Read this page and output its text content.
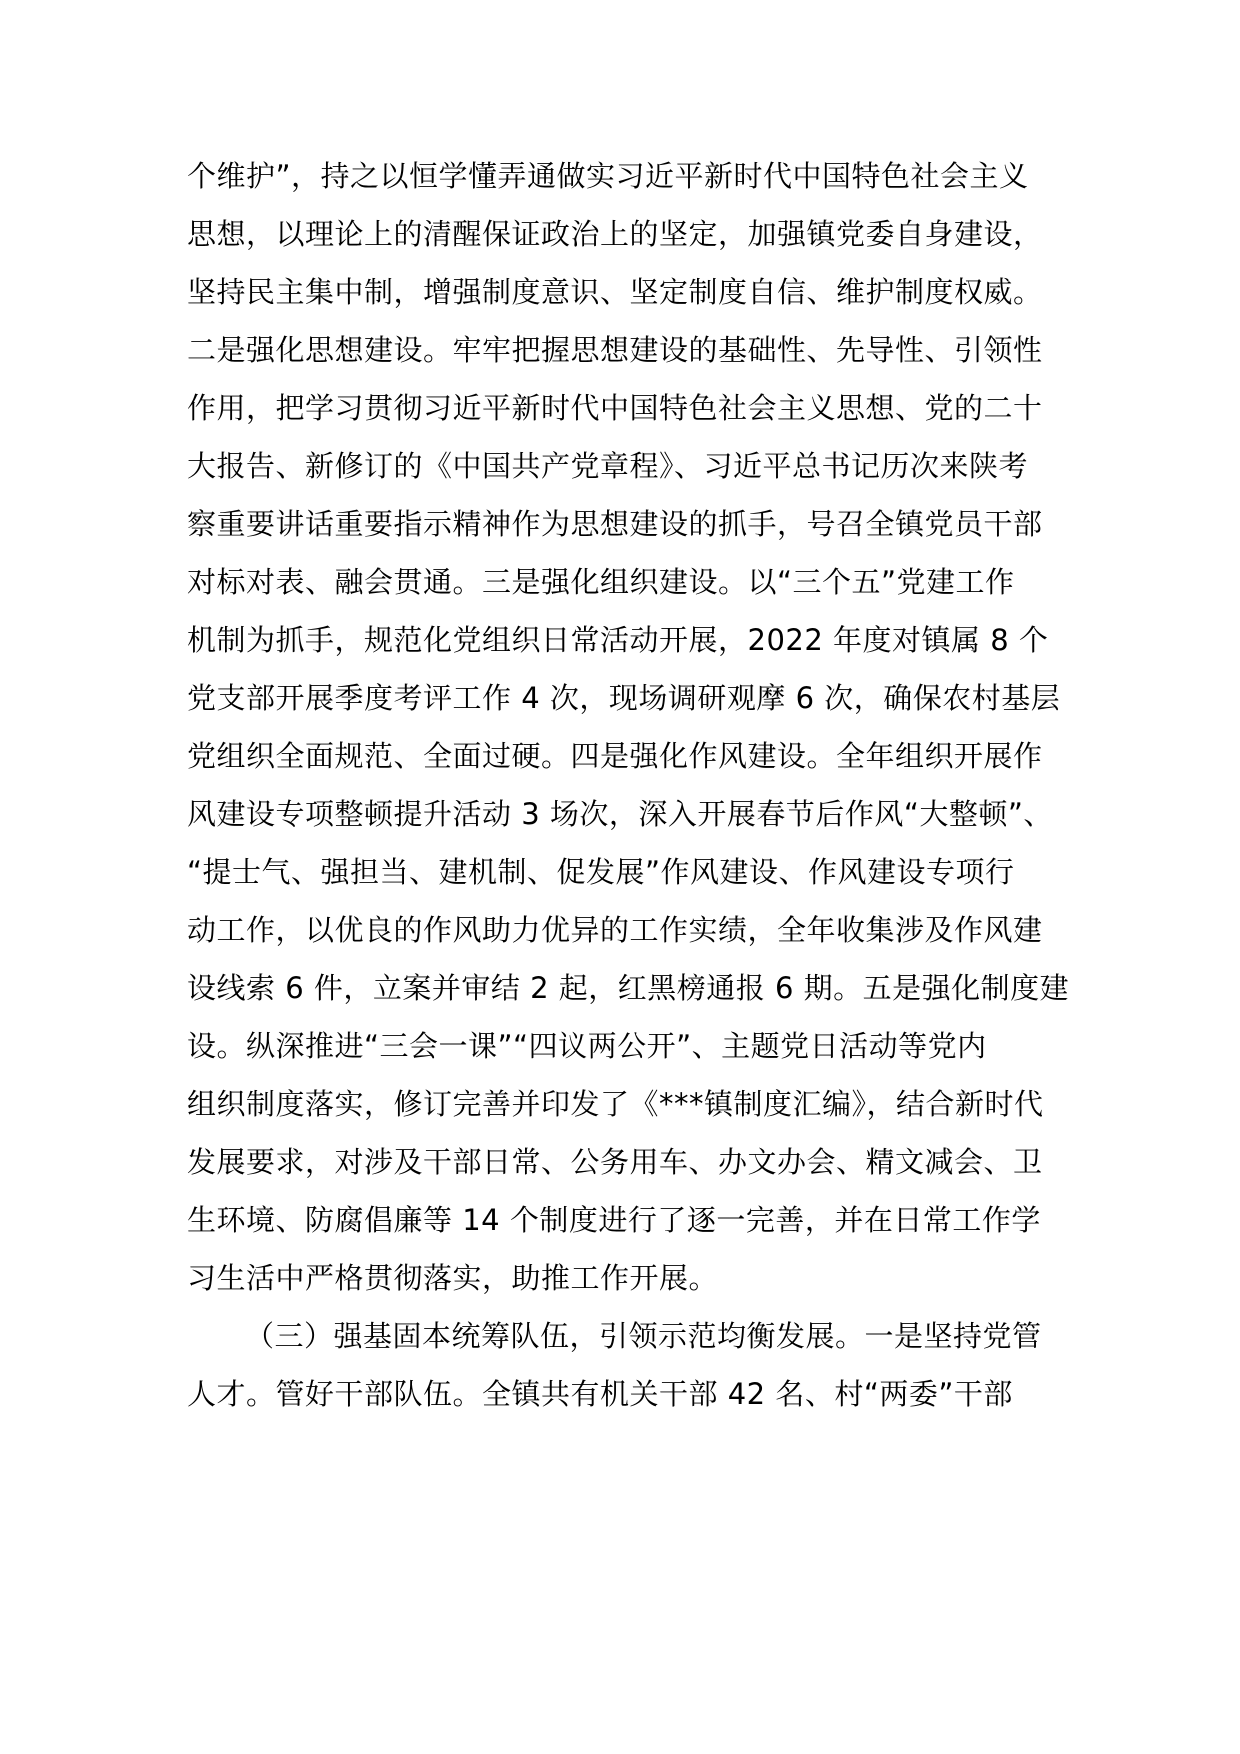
个维护”，持之以恒学懂弄通做实习近平新时代中国特色社会主义
思想，以理论上的清醒保证政治上的坚定，加强镇党委自身建设，
坚持民主集中制，增强制度意识、坚定制度自信、维护制度权威。
二是强化思想建设。牢牢把握思想建设的基础性、先导性、引领性
作用，把学习贯彻习近平新时代中国特色社会主义思想、党的二十
大报告、新修订的《中国共产党章程》、习近平总书记历次来陕考
察重要讲话重要指示精神作为思想建设的抓手，号召全镇党员干部
对标对表、融会贯通。三是强化组织建设。以“三个五”党建工作
机制为抓手，规范化党组织日常活动开展，2022 年度对镇属 8 个
党支部开展季度考评工作 4 次，现场调研观摩 6 次，确保农村基层
党组织全面规范、全面过硬。四是强化作风建设。全年组织开展作
风建设专项整顿提升活动 3 场次，深入开展春节后作风“大整顿”、
“提士气、强担当、建机制、促发展”作风建设、作风建设专项行
动工作，以优良的作风助力优异的工作实绩，全年收集涉及作风建
设线索 6 件，立案并审结 2 起，红黑榜通报 6 期。五是强化制度建
设。纵深推进“三会一课”“四议两公开”、主题党日活动等党内
组织制度落实，修订完善并印发了《***镇制度汇编》，结合新时代
发展要求，对涉及干部日常、公务用车、办文办会、精文减会、卫
生环境、防腐倡廉等 14 个制度进行了逐一完善，并在日常工作学
习生活中严格贯彻落实，助推工作开展。
（三）强基固本统筹队伍，引领示范均衡发展。一是坚持党管
人才。管好干部队伍。全镇共有机关干部 42 名、村“两委”干部
